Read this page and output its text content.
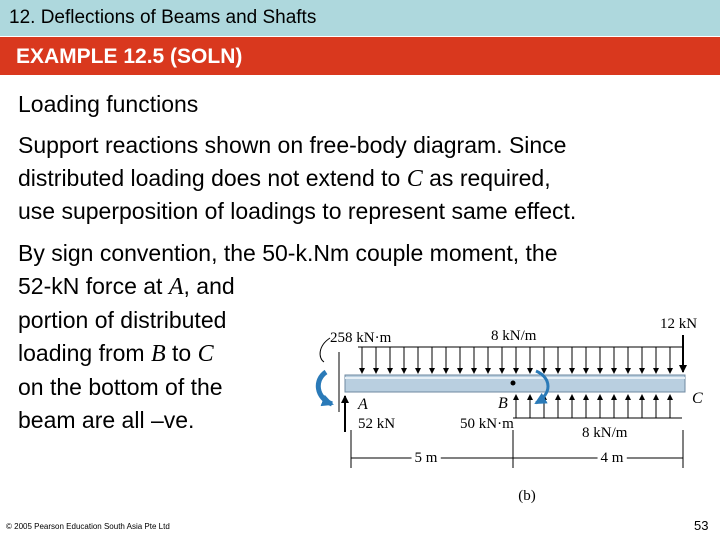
12. Deflections of Beams and Shafts
EXAMPLE 12.5 (SOLN)
Loading functions
Support reactions shown on free-body diagram. Since
distributed loading does not extend to C as required,
use superposition of loadings to represent same effect.
By sign convention, the 50-k.Nm couple moment, the
52-kN force at A, and
portion of distributed
loading from B to C
on the bottom of the
beam are all –ve.
258 kN·m	8 kN/m
12 kN
A	B	C
52 kN	50 kN·m
8 kN/m
5 m	4 m
(b)
© 2005 Pearson Education South Asia Pte Ltd	53
